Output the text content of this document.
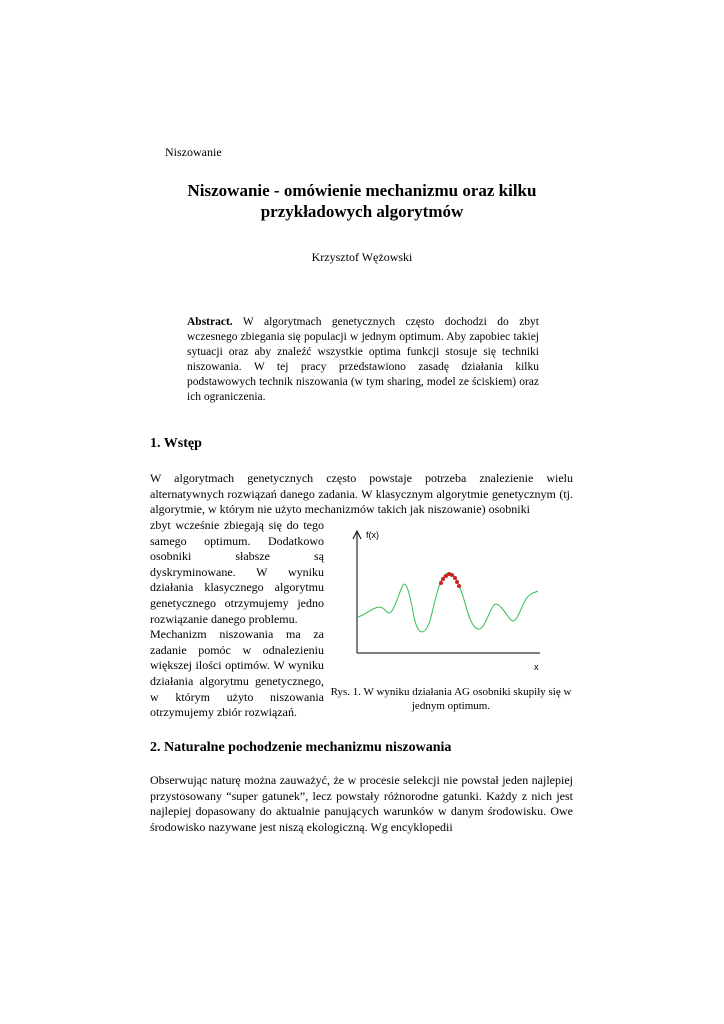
Niszowanie
Niszowanie - omówienie mechanizmu oraz kilku
przykładowych algorytmów
Krzysztof Wężowski
Abstract. W algorytmach genetycznych często dochodzi do zbyt wczesnego zbiegania się populacji w jednym optimum. Aby zapobiec takiej sytuacji oraz aby znaleźć wszystkie optima funkcji stosuje się techniki niszowania. W tej pracy przedstawiono zasadę działania kilku podstawowych technik niszowania (w tym sharing, model ze ściskiem) oraz ich ograniczenia.
1. Wstęp
W algorytmach genetycznych często powstaje potrzeba znalezienie wielu alternatywnych rozwiązań danego zadania. W klasycznym algorytmie genetycznym (tj. algorytmie, w którym nie użyto mechanizmów takich jak niszowanie) osobniki
zbyt wcześnie zbiegają się do tego samego optimum. Dodatkowo osobniki słabsze są dyskryminowane. W wyniku działania klasycznego algorytmu genetycznego otrzymujemy jedno rozwiązanie danego problemu.
Mechanizm niszowania ma za zadanie pomóc w odnalezieniu większej ilości optimów. W wyniku działania algorytmu genetycznego, w którym użyto niszowania otrzymujemy zbiór rozwiązań.
f(x)
x
Rys. 1. W wyniku działania AG osobniki skupiły się w jednym optimum.
2. Naturalne pochodzenie mechanizmu niszowania
Obserwując naturę można zauważyć, że w procesie selekcji nie powstał jeden najlepiej przystosowany “super gatunek”, lecz powstały różnorodne gatunki. Każdy z nich jest najlepiej dopasowany do aktualnie panujących warunków w danym środowisku. Owe środowisko nazywane jest niszą ekologiczną. Wg encyklopedii
